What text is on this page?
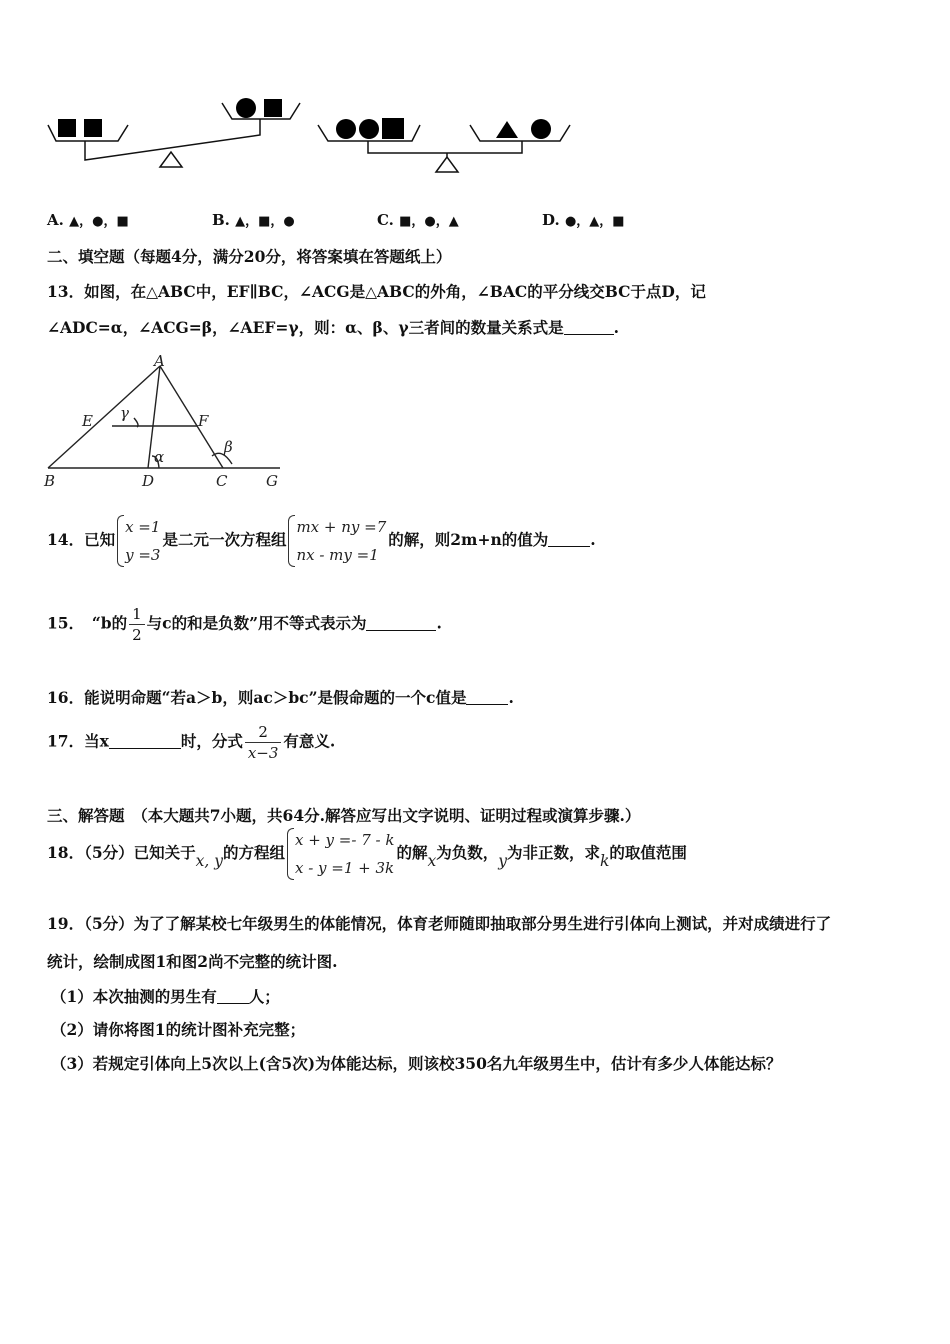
A. ▲，●，■	B. ▲，■，●	C. ■，●，▲	D. ●，▲，■
二、填空题（每题4分，满分20分，将答案填在答题纸上）
13．如图，在△ABC中，EF∥BC，∠ACG是△ABC的外角，∠BAC的平分线交BC于点D，记
∠ADC=α，∠ACG=β，∠AEF=γ，则：α、β、γ三者间的数量关系式是	.
A
E γ	F
α
β
B	D	C	G
14．已知
x =1
y =3
是二元一次方程组
mx + ny =7
nx - my =1
的解，则2m+n的值为	.
15．　“b的 $\frac{1}{2}$ 与c的和是负数”用不等式表示为	.
16．能说明命题“若a＞b，则ac＞bc”是假命题的一个c值是	.
17．当x	时，分式 $\frac{2}{x-3}$ 有意义.
三、解答题　（本大题共7小题，共64分.解答应写出文字说明、证明过程或演算步骤.）
18．（5分）已知关于x, y的方程组
x + y =- 7 - k
x - y =1 + 3k
的解x为负数，y为非正数，求k的取值范围
19．（5分）为了了解某校七年级男生的体能情况，体育老师随即抽取部分男生进行引体向上测试，并对成绩进行了
统计，绘制成图1和图2尚不完整的统计图.
（1）本次抽测的男生有 人；
（2）请你将图1的统计图补充完整；
（3）若规定引体向上5次以上(含5次)为体能达标，则该校350名九年级男生中，估计有多少人体能达标？
